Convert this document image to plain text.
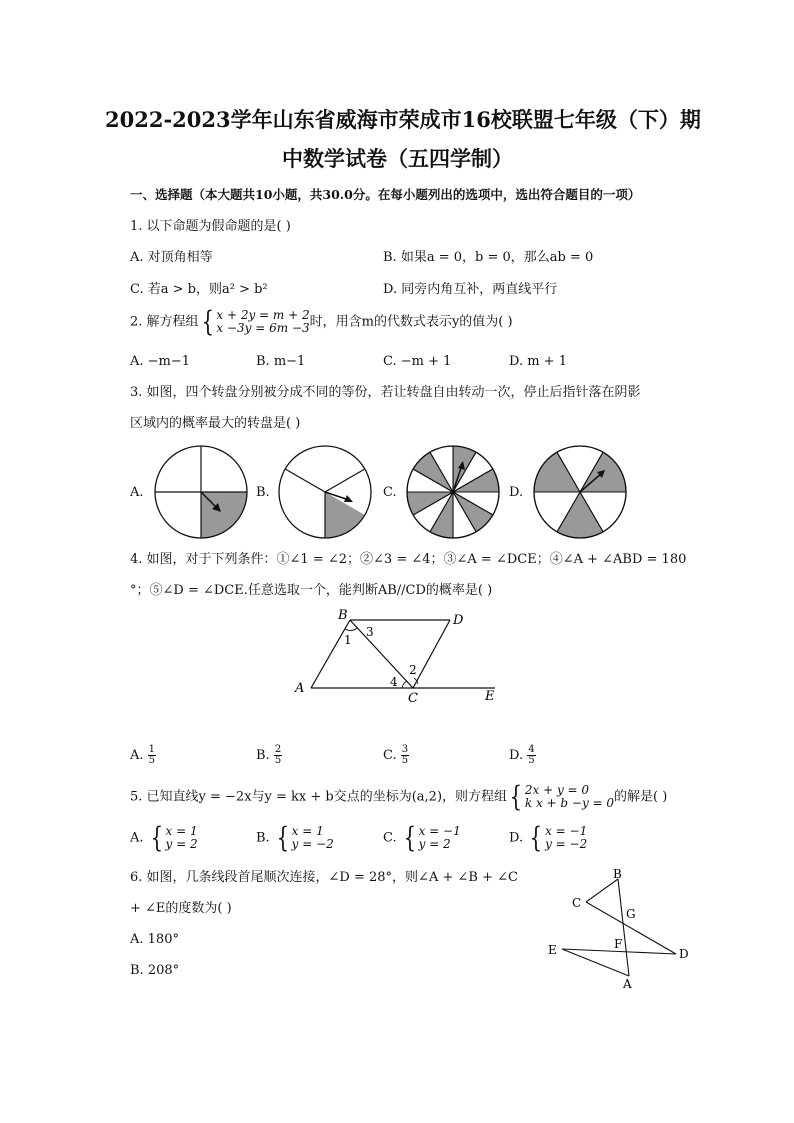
2022-2023学年山东省威海市荣成市16校联盟七年级（下）期
中数学试卷（五四学制）
一、选择题（本大题共10小题，共30.0分。在每小题列出的选项中，选出符合题目的一项）
1. 以下命题为假命题的是( )
A. 对顶角相等	B. 如果a = 0，b = 0，那么ab = 0
C. 若a > b，则a² > b²	D. 同旁内角互补，两直线平行
2. 解方程组{ x + 2y = m + 2
x −3y = 6m −3 时，用含m的代数式表示y的值为( )
A. −m−1	B. m−1	C. −m + 1	D. m + 1
3. 如图，四个转盘分别被分成不同的等份，若让转盘自由转动一次，停止后指针落在阴影
区域内的概率最大的转盘是( )
A.	B.	C.	D.
4. 如图，对于下列条件：①∠1 = ∠2；②∠3 = ∠4；③∠A = ∠DCE；④∠A + ∠ABD = 180
°；⑤∠D = ∠DCE.任意选取一个，能判断AB//CD的概率是( )
B	D
A
C	E
1
2
3
4
A. $\frac{1}{5}$	B. $\frac{2}{5}$	C. $\frac{3}{5}$	D. $\frac{4}{5}$
5. 已知直线y = −2x与y = kx + b交点的坐标为(a,2)，则方程组{ 2x + y = 0
k x + b −y = 0 的解是( )
A. { x = 1
y = 2	B. { x = 1
y = −2	C. { x = −1
y = 2	D. { x = −1
y = −2
6. 如图，几条线段首尾顺次连接，∠D = 28°，则∠A + ∠B + ∠C
+ ∠E的度数为( )
A. 180°
B. 208°
B
C
G
E	F
D
A
